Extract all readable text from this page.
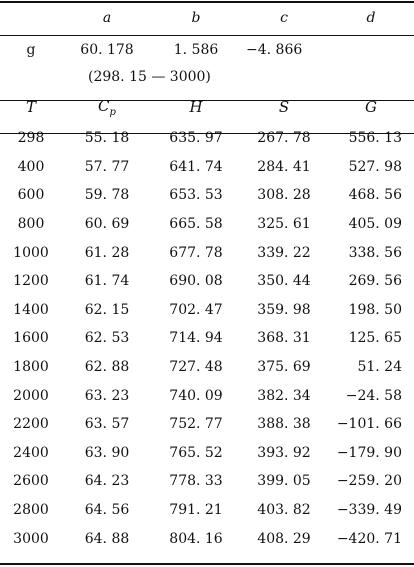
	a	b	c	d
g	60. 178	1. 586	−4. 866	
(298. 15 — 3000)				
T	$C_p$	H	S	G
298	55. 18	635. 97	267. 78	556. 13
400	57. 77	641. 74	284. 41	527. 98
600	59. 78	653. 53	308. 28	468. 56
800	60. 69	665. 58	325. 61	405. 09
1000	61. 28	677. 78	339. 22	338. 56
1200	61. 74	690. 08	350. 44	269. 56
1400	62. 15	702. 47	359. 98	198. 50
1600	62. 53	714. 94	368. 31	125. 65
1800	62. 88	727. 48	375. 69	51. 24
2000	63. 23	740. 09	382. 34	−24. 58
2200	63. 57	752. 77	388. 38	−101. 66
2400	63. 90	765. 52	393. 92	−179. 90
2600	64. 23	778. 33	399. 05	−259. 20
2800	64. 56	791. 21	403. 82	−339. 49
3000	64. 88	804. 16	408. 29	−420. 71
